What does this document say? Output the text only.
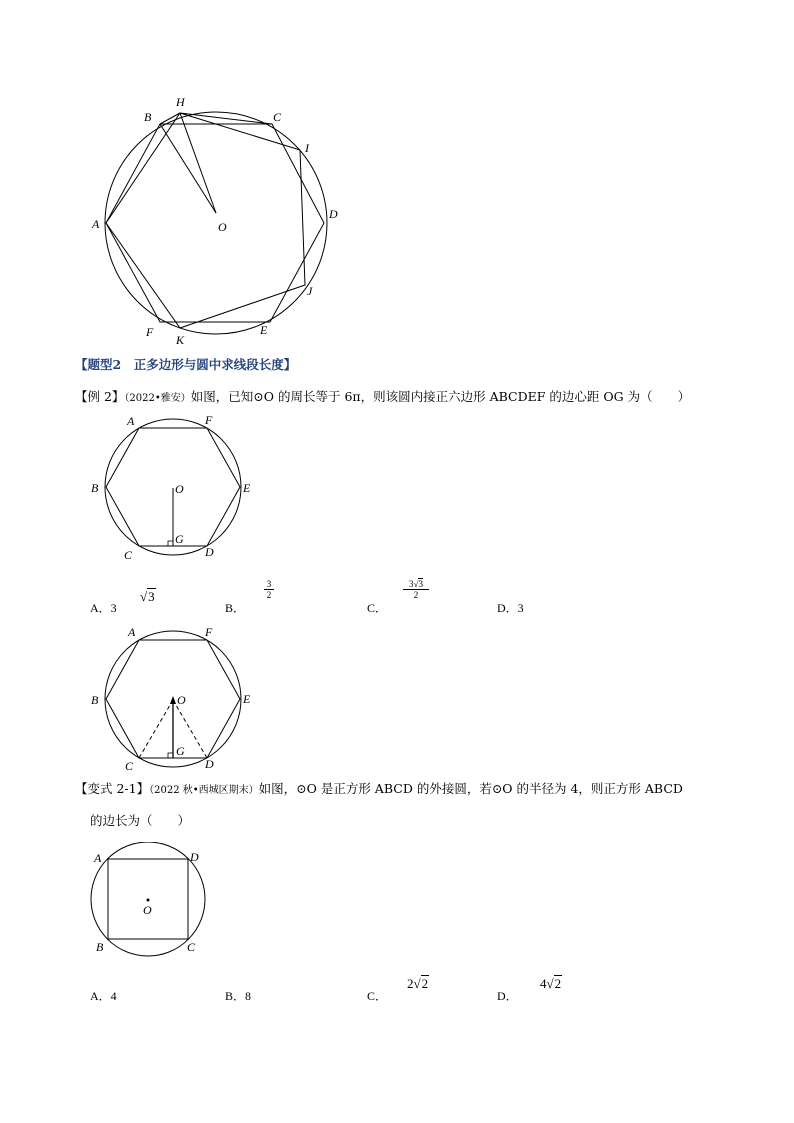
B
H
C
I
D
A	O
J
F
K
E
【题型2　正多边形与圆中求线段长度】
【例 2】（2022•雅安）如图，已知⊙O 的周长等于 6π，则该圆内接正六边形 ABCDEF 的边心距 OG 为（　　）
A	F
B	O	E
C
G
D
A．3
√3
B．
$\frac{3}{2}$
C．
$\frac{3√3}{2}$
D．3
A	F
B	O	E
C
G
D
【变式 2-1】（2022 秋•西城区期末）如图，⊙O 是正方形 ABCD 的外接圆，若⊙O 的半径为 4，则正方形 ABCD
的边长为（　　）
A	D
O
B	C
A．4	B．8	C．
2√2
D．
4√2
